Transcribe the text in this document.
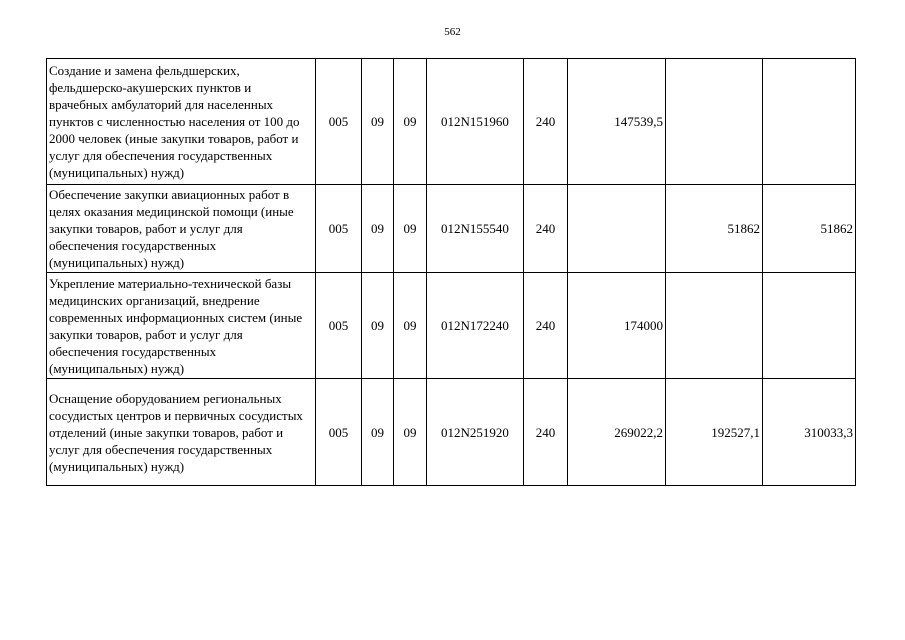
562
Создание и замена фельдшерских, фельдшерско-акушерских пунктов и врачебных амбулаторий для населенных пунктов с численностью населения от 100 до 2000 человек (иные закупки товаров, работ и услуг для обеспечения государственных (муниципальных) нужд)	005	09	09	012N151960	240	147539,5		
Обеспечение закупки авиационных работ в целях оказания медицинской помощи (иные закупки товаров, работ и услуг для обеспечения государственных (муниципальных) нужд)	005	09	09	012N155540	240		51862	51862
Укрепление материально-технической базы медицинских организаций, внедрение современных информационных систем (иные закупки товаров, работ и услуг для обеспечения государственных (муниципальных) нужд)	005	09	09	012N172240	240	174000		
Оснащение оборудованием региональных сосудистых центров и первичных сосудистых отделений (иные закупки товаров, работ и услуг для обеспечения государственных (муниципальных) нужд)	005	09	09	012N251920	240	269022,2	192527,1	310033,3
